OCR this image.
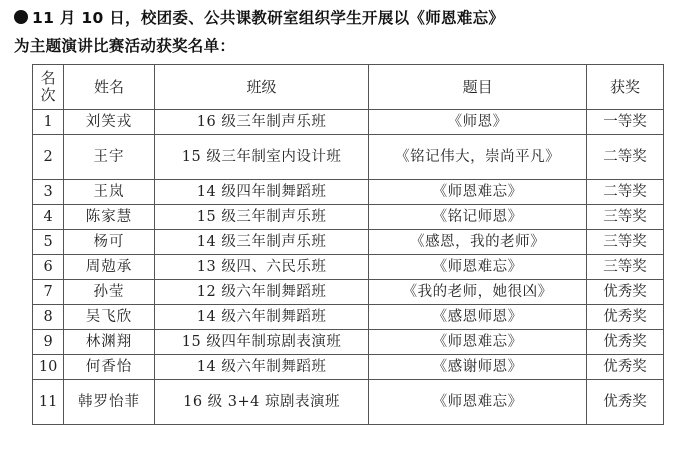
11 月 10 日，校团委、公共课教研室组织学生开展以《师恩难忘》
为主题演讲比赛活动获奖名单：
名
次	姓名	班级	题目	获奖
1	刘笑戎	16 级三年制声乐班	《师恩》	一等奖
2	王宇	15 级三年制室内设计班	《铭记伟大，崇尚平凡》	二等奖
3	王岚	14 级四年制舞蹈班	《师恩难忘》	二等奖
4	陈家慧	15 级三年制声乐班	《铭记师恩》	三等奖
5	杨可	14 级三年制声乐班	《感恩，我的老师》	三等奖
6	周勊承	13 级四、六民乐班	《师恩难忘》	三等奖
7	孙莹	12 级六年制舞蹈班	《我的老师，她很凶》	优秀奖
8	吴飞欣	14 级六年制舞蹈班	《感恩师恩》	优秀奖
9	林渊翔	15 级四年制琼剧表演班	《师恩难忘》	优秀奖
10	何香怡	14 级六年制舞蹈班	《感谢师恩》	优秀奖
11	韩罗怡菲	16 级 3+4 琼剧表演班	《师恩难忘》	优秀奖
